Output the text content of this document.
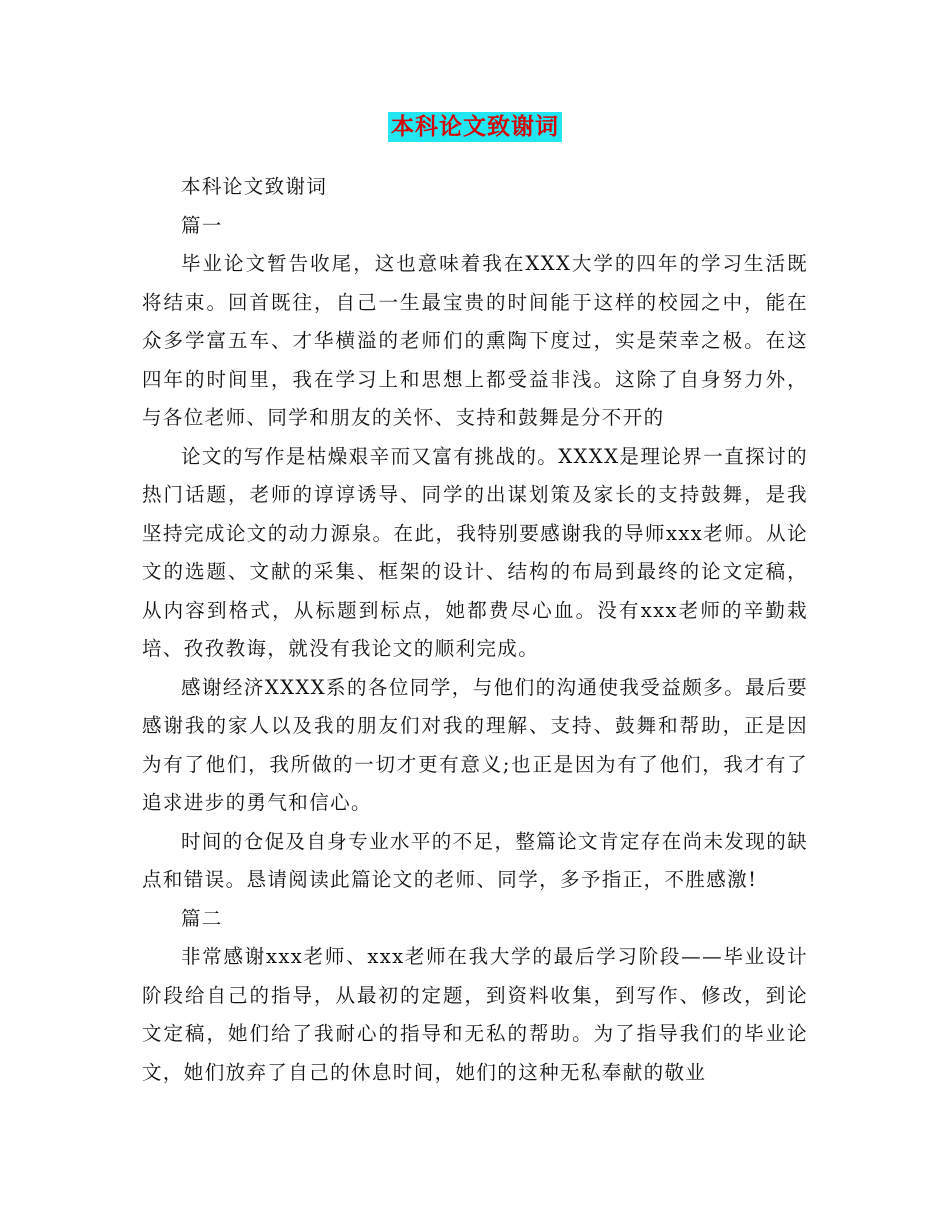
本科论文致谢词

本科论文致谢词

篇一

毕业论文暂告收尾，这也意味着我在XXX大学的四年的学习生活既将结束。回首既往，自己一生最宝贵的时间能于这样的校园之中，能在众多学富五车、才华横溢的老师们的熏陶下度过，实是荣幸之极。在这四年的时间里，我在学习上和思想上都受益非浅。这除了自身努力外，与各位老师、同学和朋友的关怀、支持和鼓舞是分不开的

论文的写作是枯燥艰辛而又富有挑战的。XXXX是理论界一直探讨的热门话题，老师的谆谆诱导、同学的出谋划策及家长的支持鼓舞，是我坚持完成论文的动力源泉。在此，我特别要感谢我的导师xxx老师。从论文的选题、文献的采集、框架的设计、结构的布局到最终的论文定稿，从内容到格式，从标题到标点，她都费尽心血。没有xxx老师的辛勤栽培、孜孜教诲，就没有我论文的顺利完成。

感谢经济XXXX系的各位同学，与他们的沟通使我受益颇多。最后要感谢我的家人以及我的朋友们对我的理解、支持、鼓舞和帮助，正是因为有了他们，我所做的一切才更有意义;也正是因为有了他们，我才有了追求进步的勇气和信心。

时间的仓促及自身专业水平的不足，整篇论文肯定存在尚未发现的缺点和错误。恳请阅读此篇论文的老师、同学，多予指正，不胜感激!

篇二

非常感谢xxx老师、xxx老师在我大学的最后学习阶段——毕业设计阶段给自己的指导，从最初的定题，到资料收集，到写作、修改，到论文定稿，她们给了我耐心的指导和无私的帮助。为了指导我们的毕业论文，她们放弃了自己的休息时间，她们的这种无私奉献的敬业
